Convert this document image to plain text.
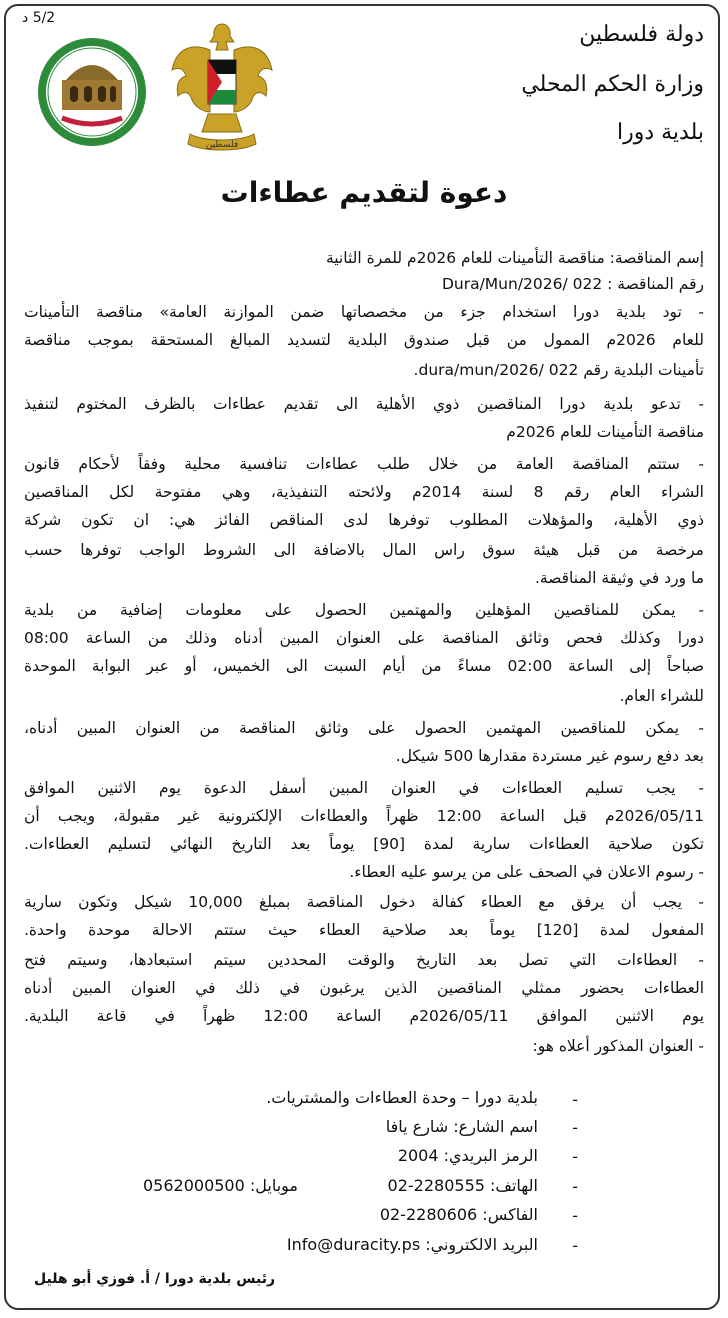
5/2 د
دولة فلسطين
وزارة الحكم المحلي
بلدية دورا
فلسطين
دعوة لتقديم عطاءات
إسم المناقصة: مناقصة التأمينات للعام 2026م للمرة الثانية
رقم المناقصة : Dura/Mun/2026/ 022
- تود بلدية دورا استخدام جزء من مخصصاتها ضمن الموازنة العامة» مناقصة التأمينات
للعام 2026م الممول من قبل صندوق البلدية لتسديد المبالغ المستحقة بموجب مناقصة
تأمينات البلدية رقم dura/mun/2026/ 022.
- تدعو بلدية دورا المناقصين ذوي الأهلية الى تقديم عطاءات بالظرف المختوم لتنفيذ
مناقصة التأمينات للعام 2026م
- ستتم المناقصة العامة من خلال طلب عطاءات تنافسية محلية وفقاً لأحكام قانون
الشراء العام رقم 8 لسنة 2014م ولائحته التنفيذية، وهي مفتوحة لكل المناقصين
ذوي الأهلية، والمؤهلات المطلوب توفرها لدى المناقص الفائز هي: ان تكون شركة
مرخصة من قبل هيئة سوق راس المال بالاضافة الى الشروط الواجب توفرها حسب
ما ورد في وثيقة المناقصة.
- يمكن للمناقصين المؤهلين والمهتمين الحصول على معلومات إضافية من بلدية
دورا وكذلك فحص وثائق المناقصة على العنوان المبين أدناه وذلك من الساعة 08:00
صباحاً إلى الساعة 02:00 مساءً من أيام السبت الى الخميس، أو عبر البوابة الموحدة
للشراء العام.
- يمكن للمناقصين المهتمين الحصول على وثائق المناقصة من العنوان المبين أدناه،
بعد دفع رسوم غير مستردة مقدارها 500 شيكل.
- يجب تسليم العطاءات في العنوان المبين أسفل الدعوة يوم الاثنين الموافق
2026/05/11م قبل الساعة 12:00 ظهراً والعطاءات الإلكترونية غير مقبولة، ويجب أن
تكون صلاحية العطاءات سارية لمدة [90] يوماً بعد التاريخ النهائي لتسليم العطاءات.
- رسوم الاعلان في الصحف على من يرسو عليه العطاء.
- يجب أن يرفق مع العطاء كفالة دخول المناقصة بمبلغ 10,000 شيكل وتكون سارية
المفعول لمدة [120] يوماً بعد صلاحية العطاء حيث ستتم الاحالة موحدة واحدة.
- العطاءات التي تصل بعد التاريخ والوقت المحددين سيتم استبعادها، وسيتم فتح
العطاءات بحضور ممثلي المناقصين الذين يرغبون في ذلك في العنوان المبين أدناه
يوم الاثنين الموافق 2026/05/11م الساعة 12:00 ظهراً في قاعة البلدية.
- العنوان المذكور أعلاه هو:
-
-
-
-
-
-
بلدية دورا – وحدة العطاءات والمشتريات.
اسم الشارع: شارع يافا
الرمز البريدي: 2004
الهاتف: 2280555-02
موبايل: 0562000500
الفاكس: 2280606-02
البريد الالكتروني: Info@duracity.ps
رئيس بلدية دورا / أ. فوزي أبو هليل
